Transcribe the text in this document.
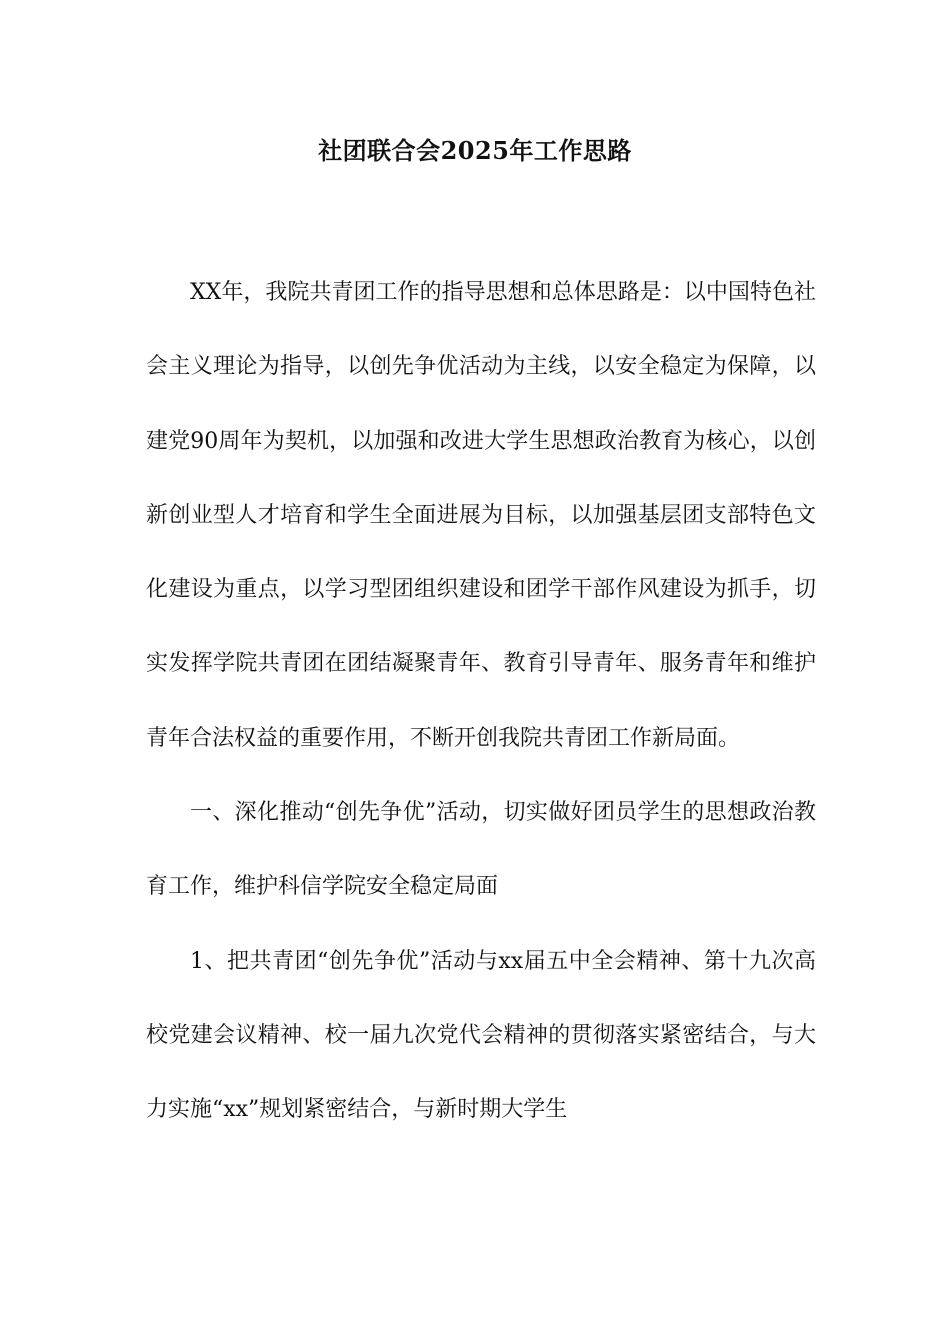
社团联合会2025年工作思路

XX年，我院共青团工作的指导思想和总体思路是：以中国特色社会主义理论为指导，以创先争优活动为主线，以安全稳定为保障，以建党90周年为契机，以加强和改进大学生思想政治教育为核心，以创新创业型人才培育和学生全面进展为目标，以加强基层团支部特色文化建设为重点，以学习型团组织建设和团学干部作风建设为抓手，切实发挥学院共青团在团结凝聚青年、教育引导青年、服务青年和维护青年合法权益的重要作用，不断开创我院共青团工作新局面。

一、深化推动“创先争优”活动，切实做好团员学生的思想政治教育工作，维护科信学院安全稳定局面

1、把共青团“创先争优”活动与xx届五中全会精神、第十九次高校党建会议精神、校一届九次党代会精神的贯彻落实紧密结合，与大力实施“xx”规划紧密结合，与新时期大学生
